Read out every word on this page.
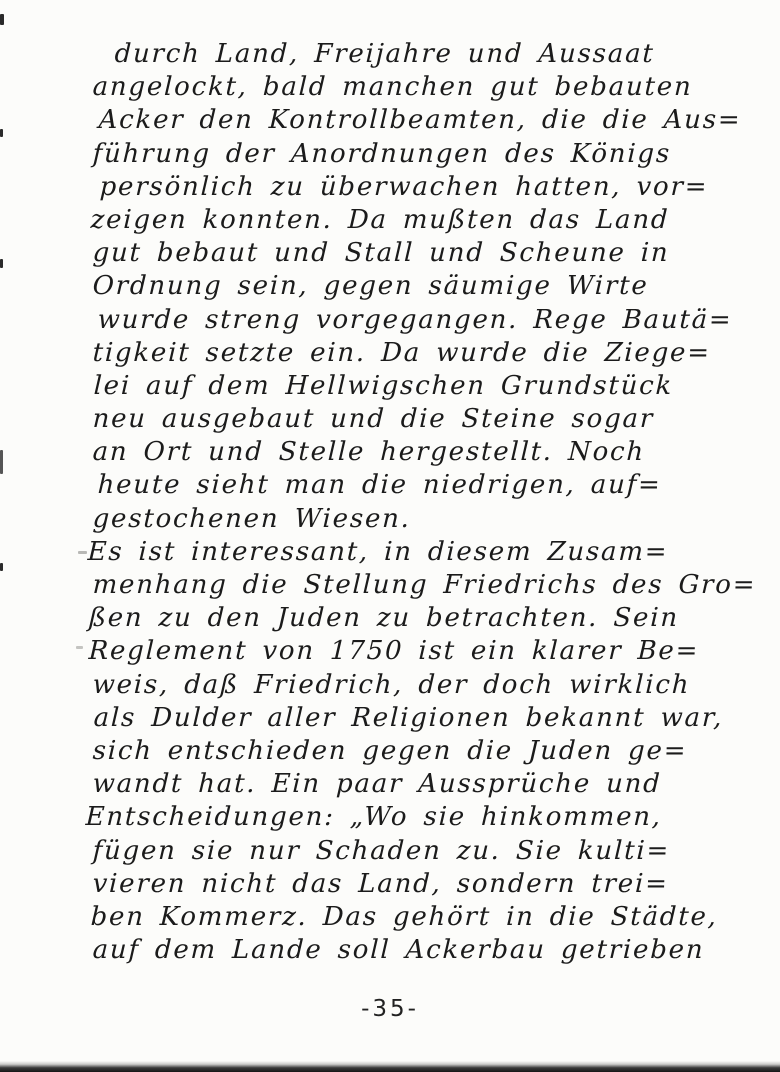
durch Land, Freijahre und Aussaat
angelockt, bald manchen gut bebauten
Acker den Kontrollbeamten, die die Aus=
führung der Anordnungen des Königs
persönlich zu überwachen hatten, vor=
zeigen konnten. Da mußten das Land
gut bebaut und Stall und Scheune in
Ordnung sein, gegen säumige Wirte
wurde streng vorgegangen. Rege Bautä=
tigkeit setzte ein. Da wurde die Ziege=
lei auf dem Hellwigschen Grundstück
neu ausgebaut und die Steine sogar
an Ort und Stelle hergestellt. Noch
heute sieht man die niedrigen, auf=
gestochenen Wiesen.
Es ist interessant, in diesem Zusam=
menhang die Stellung Friedrichs des Gro=
ßen zu den Juden zu betrachten. Sein
Reglement von 1750 ist ein klarer Be=
weis, daß Friedrich, der doch wirklich
als Dulder aller Religionen bekannt war,
sich entschieden gegen die Juden ge=
wandt hat. Ein paar Aussprüche und
Entscheidungen: „Wo sie hinkommen,
fügen sie nur Schaden zu. Sie kulti=
vieren nicht das Land, sondern trei=
ben Kommerz. Das gehört in die Städte,
auf dem Lande soll Ackerbau getrieben
-35-
